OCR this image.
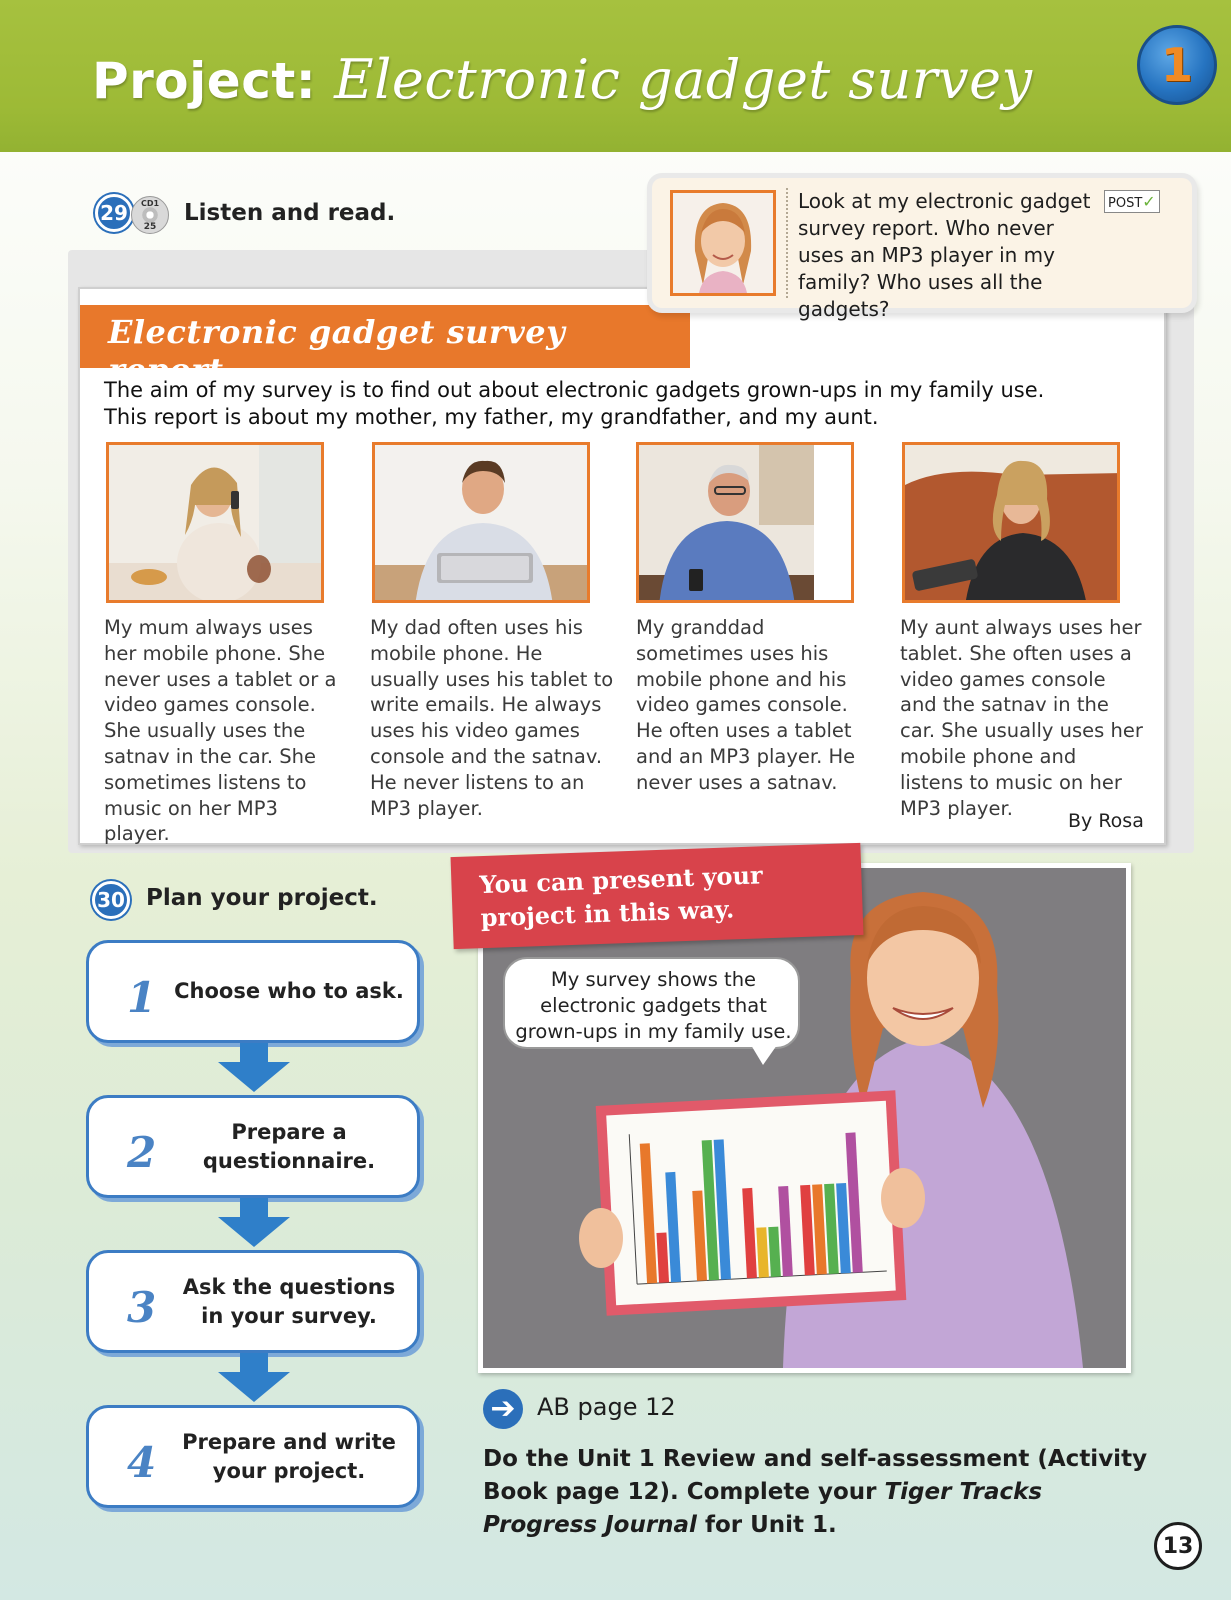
Project: Electronic gadget survey	1
29	CD1
25
Listen and read.
Electronic gadget survey report
The aim of my survey is to find out about electronic gadgets grown-ups in my family use.
This report is about my mother, my father, my grandfather, and my aunt.
My mum always uses her mobile phone. She never uses a tablet or a video games console. She usually uses the satnav in the car. She sometimes listens to music on her MP3 player.
My dad often uses his mobile phone. He usually uses his tablet to write emails. He always uses his video games console and the satnav. He never listens to an MP3 player.
My granddad sometimes uses his mobile phone and his video games console. He often uses a tablet and an MP3 player. He never uses a satnav.
My aunt always uses her tablet. She often uses a video games console and the satnav in the car. She usually uses her mobile phone and listens to music on her MP3 player.
By Rosa
Look at my electronic gadget survey report. Who never uses an MP3 player in my family? Who uses all the gadgets?
POST✓
30 Plan your project.
1 Choose who to ask.
2	Prepare a questionnaire.
3	Ask the questions in your survey.
4	Prepare and write your project.
You can present your project in this way.
My survey shows the electronic gadgets that grown-ups in my family use.
➔ AB page 12
Do the Unit 1 Review and self-assessment (Activity Book page 12). Complete your Tiger Tracks Progress Journal for Unit 1.
13
